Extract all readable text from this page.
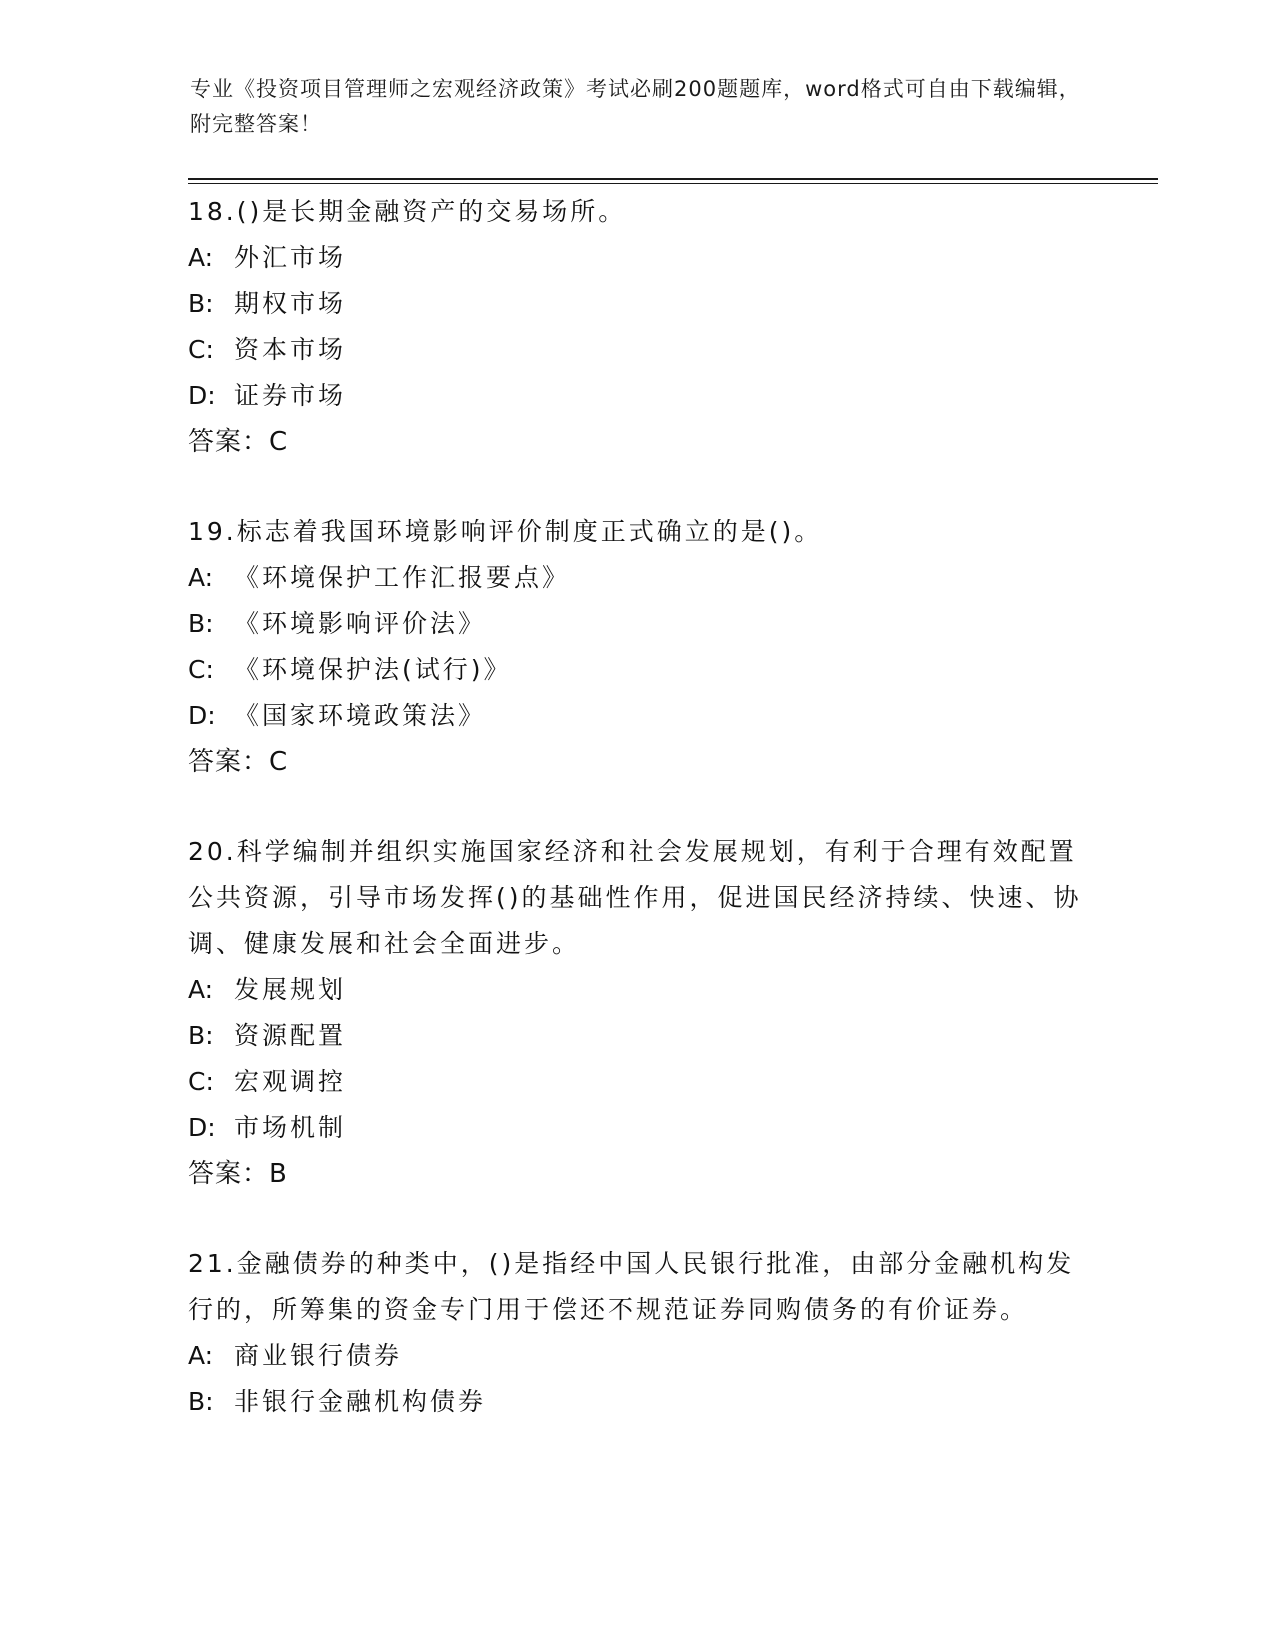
专业《投资项目管理师之宏观经济政策》考试必刷200题题库，word格式可自由下载编辑，附完整答案！

18.()是长期金融资产的交易场所。

A: 外汇市场
B: 期权市场
C: 资本市场
D: 证券市场
答案：C

19.标志着我国环境影响评价制度正式确立的是()。

A: 《环境保护工作汇报要点》
B: 《环境影响评价法》
C: 《环境保护法(试行)》
D: 《国家环境政策法》
答案：C

20.科学编制并组织实施国家经济和社会发展规划，有利于合理有效配置公共资源，引导市场发挥()的基础性作用，促进国民经济持续、快速、协调、健康发展和社会全面进步。

A: 发展规划
B: 资源配置
C: 宏观调控
D: 市场机制
答案：B

21.金融债券的种类中，()是指经中国人民银行批准，由部分金融机构发行的，所筹集的资金专门用于偿还不规范证券同购债务的有价证券。

A: 商业银行债券
B: 非银行金融机构债券
